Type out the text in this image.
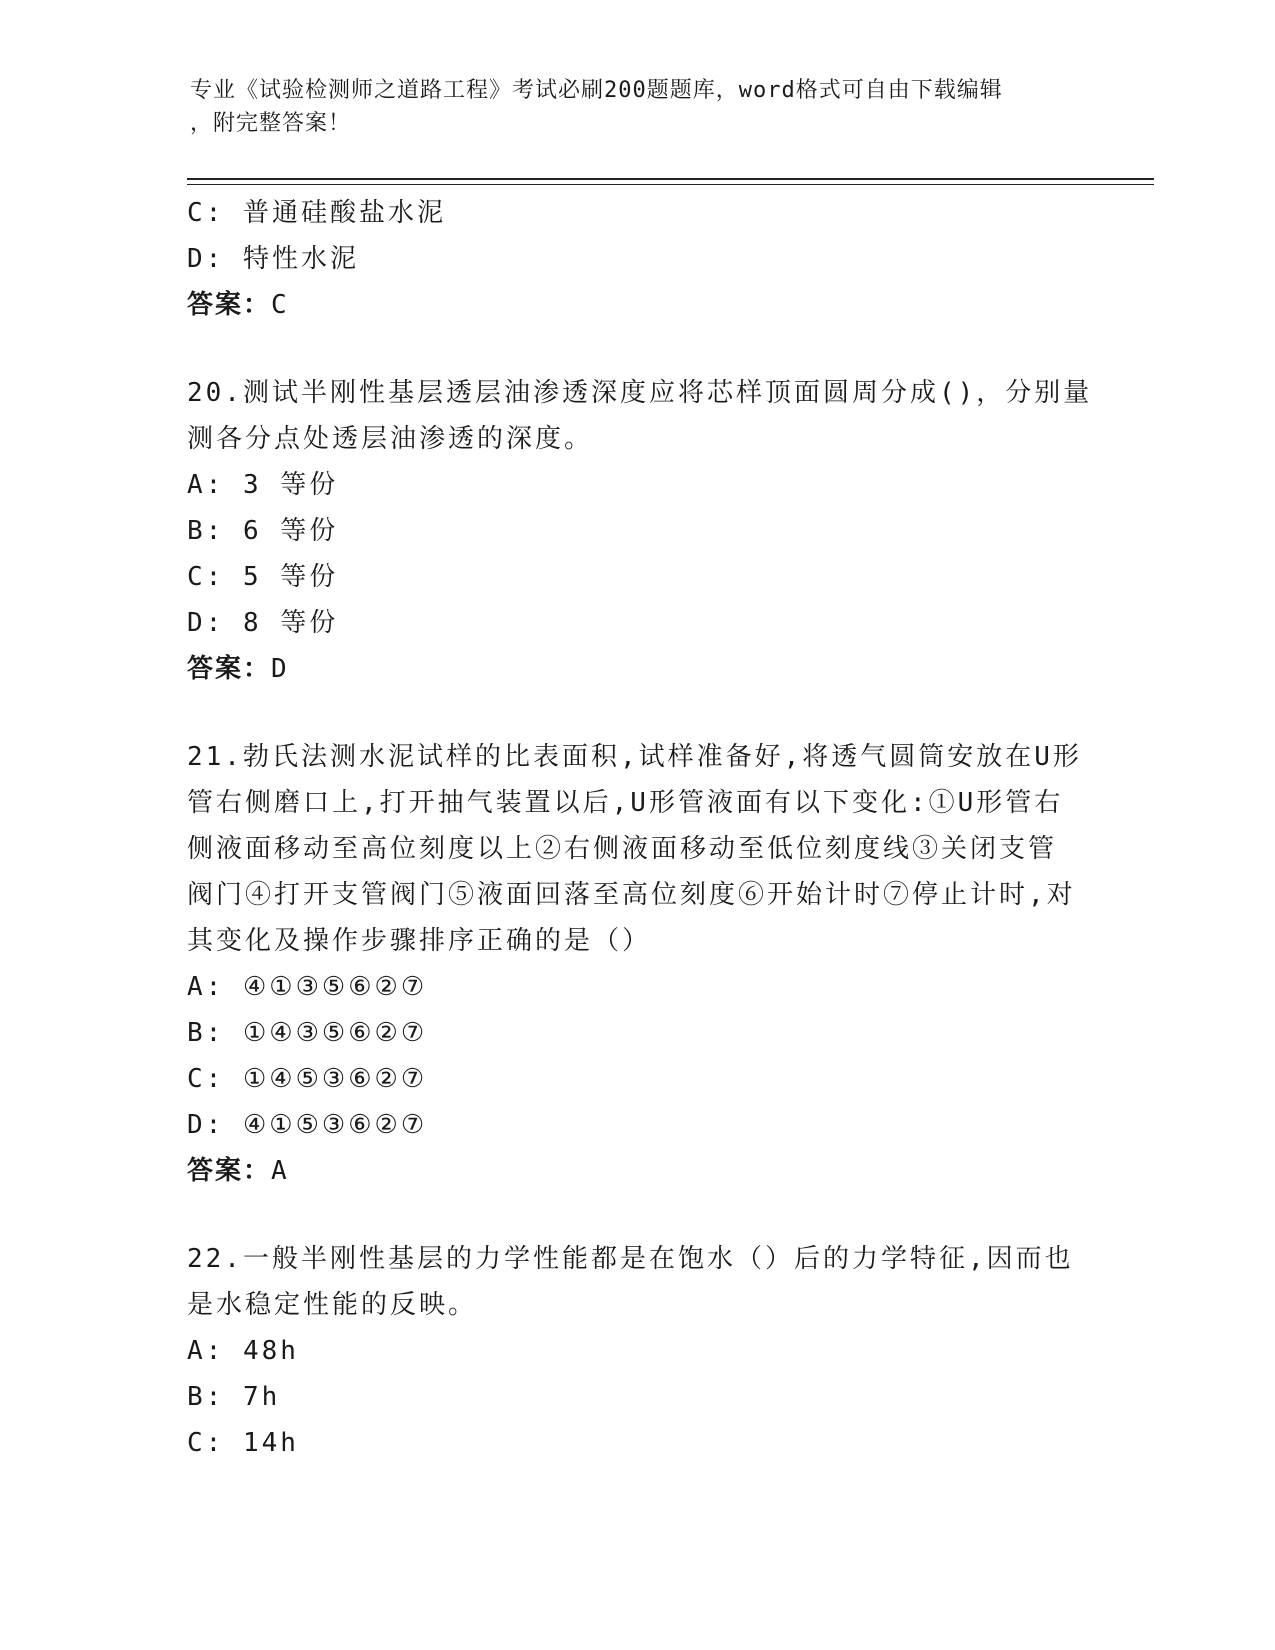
专业《试验检测师之道路工程》考试必刷200题题库，word格式可自由下载编辑
，附完整答案！
C: 普通硅酸盐水泥
D: 特性水泥
答案：C
20.测试半刚性基层透层油渗透深度应将芯样顶面圆周分成()，分别量
测各分点处透层油渗透的深度。
A: 3 等份
B: 6 等份
C: 5 等份
D: 8 等份
答案：D
21.勃氏法测水泥试样的比表面积,试样准备好,将透气圆筒安放在U形
管右侧磨口上,打开抽气装置以后,U形管液面有以下变化:①U形管右
侧液面移动至高位刻度以上②右侧液面移动至低位刻度线③关闭支管
阀门④打开支管阀门⑤液面回落至高位刻度⑥开始计时⑦停止计时,对
其变化及操作步骤排序正确的是（）
A: ④①③⑤⑥②⑦
B: ①④③⑤⑥②⑦
C: ①④⑤③⑥②⑦
D: ④①⑤③⑥②⑦
答案：A
22.一般半刚性基层的力学性能都是在饱水（）后的力学特征,因而也
是水稳定性能的反映。
A: 48h
B: 7h
C: 14h
